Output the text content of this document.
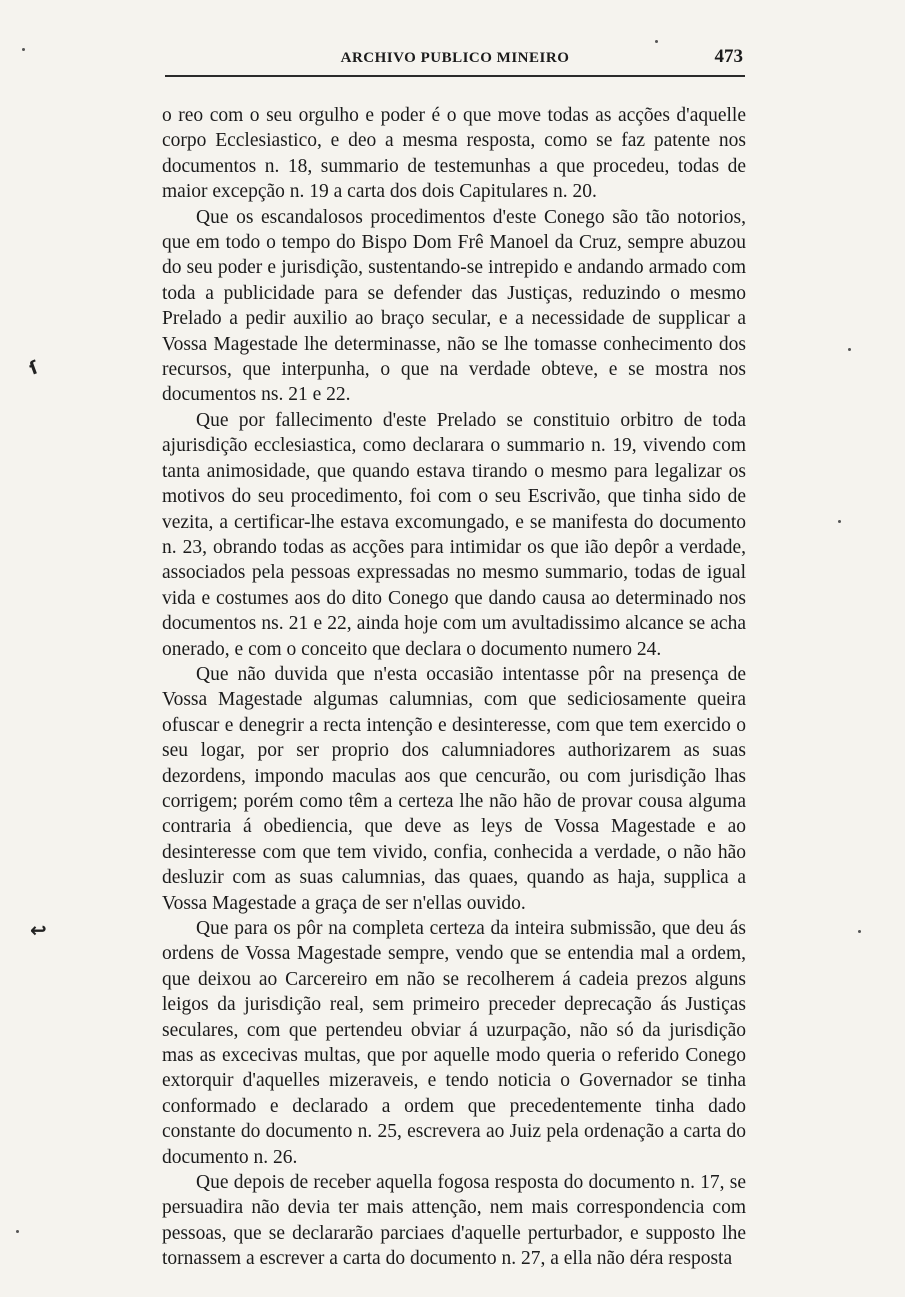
ARCHIVO PUBLICO MINEIRO	473

o reo com o seu orgulho e poder é o que move todas as acções d'aquelle corpo Ecclesiastico, e deo a mesma resposta, como se faz patente nos documentos n. 18, summario de testemunhas a que procedeu, todas de maior excepção n. 19 a carta dos dois Capitulares n. 20.

Que os escandalosos procedimentos d'este Conego são tão notorios, que em todo o tempo do Bispo Dom Frê Manoel da Cruz, sempre abuzou do seu poder e jurisdição, sustentando-se intrepido e andando armado com toda a publicidade para se defender das Justiças, reduzindo o mesmo Prelado a pedir auxilio ao braço secular, e a necessidade de supplicar a Vossa Magestade lhe determinasse, não se lhe tomasse conhecimento dos recursos, que interpunha, o que na verdade obteve, e se mostra nos documentos ns. 21 e 22.

Que por fallecimento d'este Prelado se constituio orbitro de toda ajurisdição ecclesiastica, como declarara o summario n. 19, vivendo com tanta animosidade, que quando estava tirando o mesmo para legalizar os motivos do seu procedimento, foi com o seu Escrivão, que tinha sido de vezita, a certificar-lhe estava excomungado, e se manifesta do documento n. 23, obrando todas as acções para intimidar os que ião depôr a verdade, associados pela pessoas expressadas no mesmo summario, todas de igual vida e costumes aos do dito Conego que dando causa ao determinado nos documentos ns. 21 e 22, ainda hoje com um avultadissimo alcance se acha onerado, e com o conceito que declara o documento numero 24.

Que não duvida que n'esta occasião intentasse pôr na presença de Vossa Magestade algumas calumnias, com que sediciosamente queira ofuscar e denegrir a recta intenção e desinteresse, com que tem exercido o seu logar, por ser proprio dos calumniadores authorizarem as suas dezordens, impondo maculas aos que cencurão, ou com jurisdição lhas corrigem; porém como têm a certeza lhe não hão de provar cousa alguma contraria á obediencia, que deve as leys de Vossa Magestade e ao desinteresse com que tem vivido, confia, conhecida a verdade, o não hão desluzir com as suas calumnias, das quaes, quando as haja, supplica a Vossa Magestade a graça de ser n'ellas ouvido.

Que para os pôr na completa certeza da inteira submissão, que deu ás ordens de Vossa Magestade sempre, vendo que se entendia mal a ordem, que deixou ao Carcereiro em não se recolherem á cadeia prezos alguns leigos da jurisdição real, sem primeiro preceder deprecação ás Justiças seculares, com que pertendeu obviar á uzurpação, não só da jurisdição mas as excecivas multas, que por aquelle modo queria o referido Conego extorquir d'aquelles mizeraveis, e tendo noticia o Governador se tinha conformado e declarado a ordem que precedentemente tinha dado constante do documento n. 25, escrevera ao Juiz pela ordenação a carta do documento n. 26.

Que depois de receber aquella fogosa resposta do documento n. 17, se persuadira não devia ter mais attenção, nem mais correspondencia com pessoas, que se declararão parciaes d'aquelle perturbador, e supposto lhe tornassem a escrever a carta do documento n. 27, a ella não déra resposta

ſ
↩
